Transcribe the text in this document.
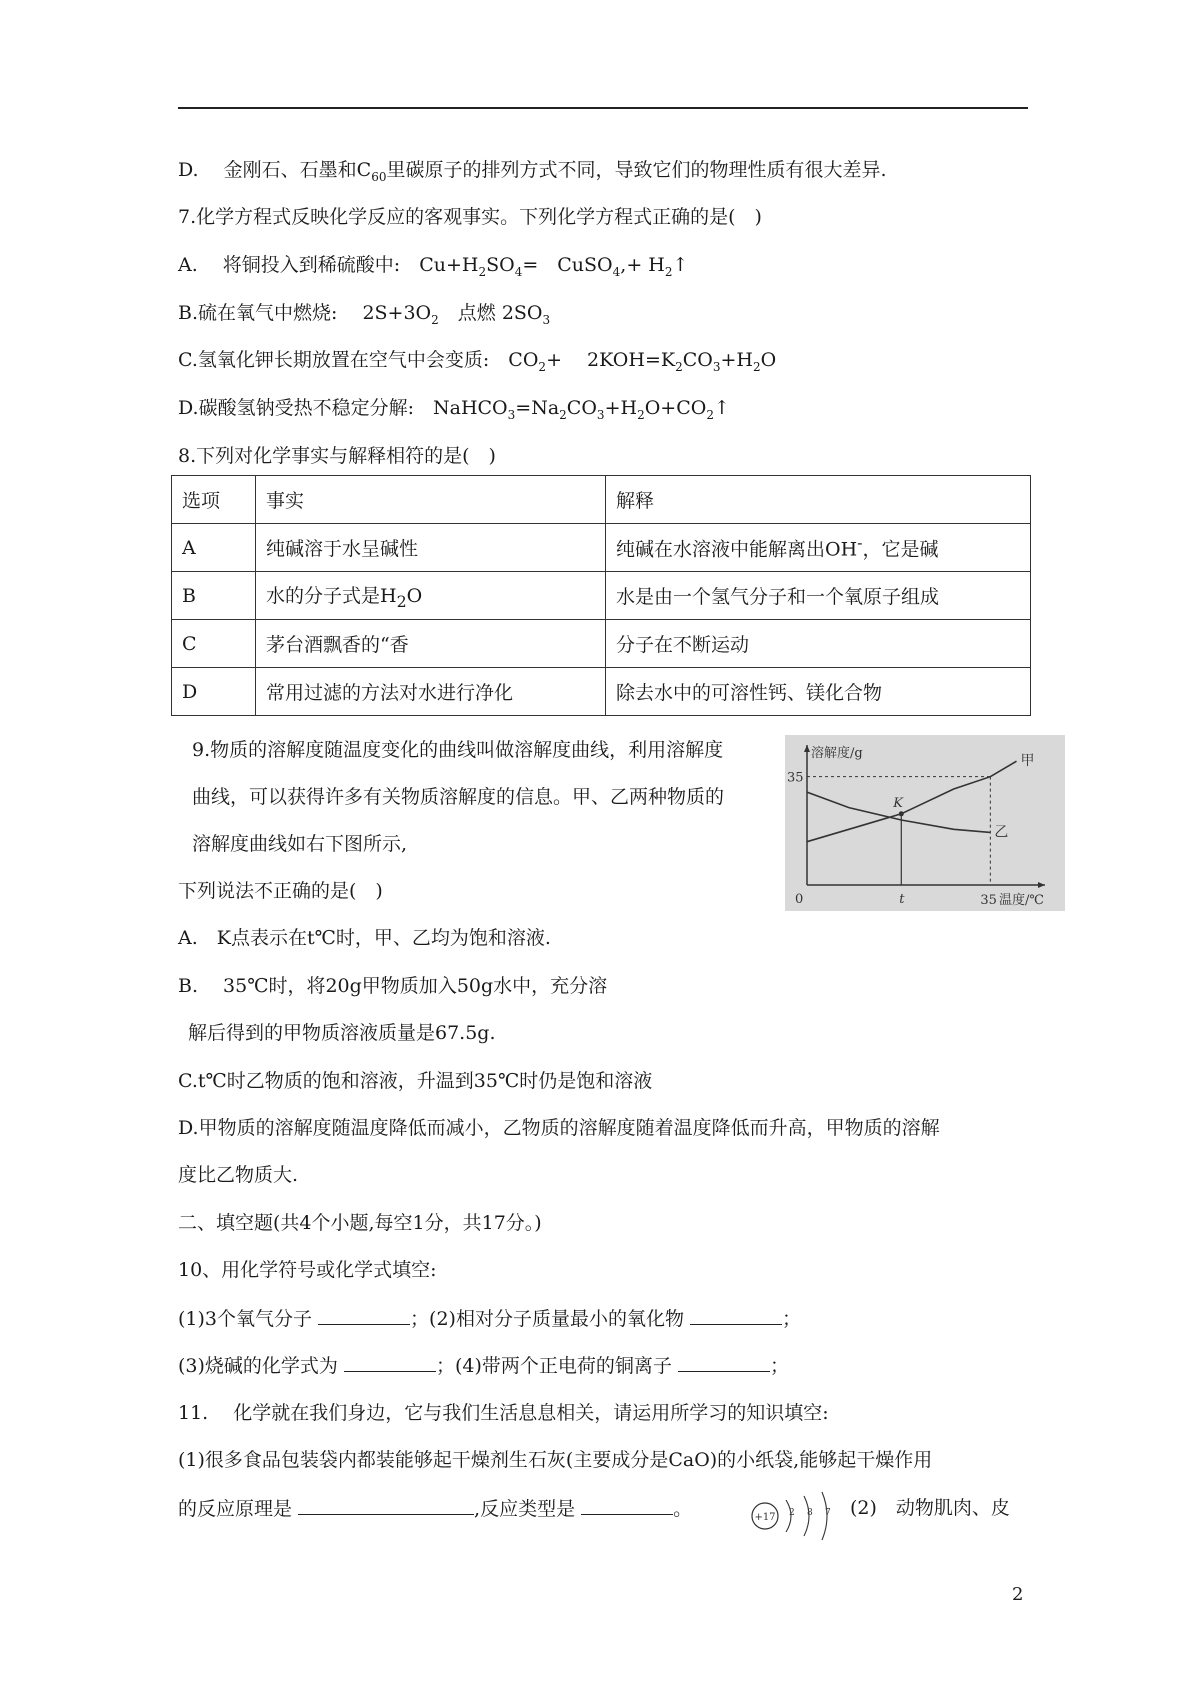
D.　 金刚石、石墨和$C_{60}$里碳原子的排列方式不同，导致它们的物理性质有很大差异.
7.化学方程式反映化学反应的客观事实。下列化学方程式正确的是(　)
A.　 将铜投入到稀硫酸中:　$Cu+H_2SO_4=$　CuSO$_4$,+ $H_2↑$
B.硫在氧气中燃烧:　 $2S+3O_2$　点燃 $2SO_3$
C.氢氧化钾长期放置在空气中会变质:　$CO_2+$　 $2KOH=K_2CO_3+H_2O$
D.碳酸氢钠受热不稳定分解:　$NaHCO_3=Na_2CO_3+H_2O+CO_2↑$
8.下列对化学事实与解释相符的是(　)
选项	事实	解释
A	纯碱溶于水呈碱性	纯碱在水溶液中能解离出OH-，它是碱
B	水的分子式是$H_2O$	水是由一个氢气分子和一个氧原子组成
C	茅台酒飘香的“香	分子在不断运动
D	常用过滤的方法对水进行净化	除去水中的可溶性钙、镁化合物
9.物质的溶解度随温度变化的曲线叫做溶解度曲线，利用溶解度
曲线，可以获得许多有关物质溶解度的信息。甲、乙两种物质的
溶解度曲线如右下图所示,
下列说法不正确的是(　)
溶解度/g
温度/℃
0
35
t	35
甲
乙
K
A.　K点表示在t℃时，甲、乙均为饱和溶液.
B.　 35℃时，将20g甲物质加入50g水中，充分溶
解后得到的甲物质溶液质量是67.5g.
C.t℃时乙物质的饱和溶液，升温到35℃时仍是饱和溶液
D.甲物质的溶解度随温度降低而减小，乙物质的溶解度随着温度降低而升高，甲物质的溶解
度比乙物质大.
二、填空题(共4个小题,每空1分，共17分。)
10、用化学符号或化学式填空:
(1)3个氧气分子	；(2)相对分子质量最小的氧化物	；
(3)烧碱的化学式为	；(4)带两个正电荷的铜离子	；
11.　 化学就在我们身边，它与我们生活息息相关，请运用所学习的知识填空:
(1)很多食品包装袋内都装能够起干燥剂生石灰(主要成分是CaO)的小纸袋,能够起干燥作用
的反应原理是	,反应类型是	。	(2)　动物肌肉、皮
+17 2 8 7
2
